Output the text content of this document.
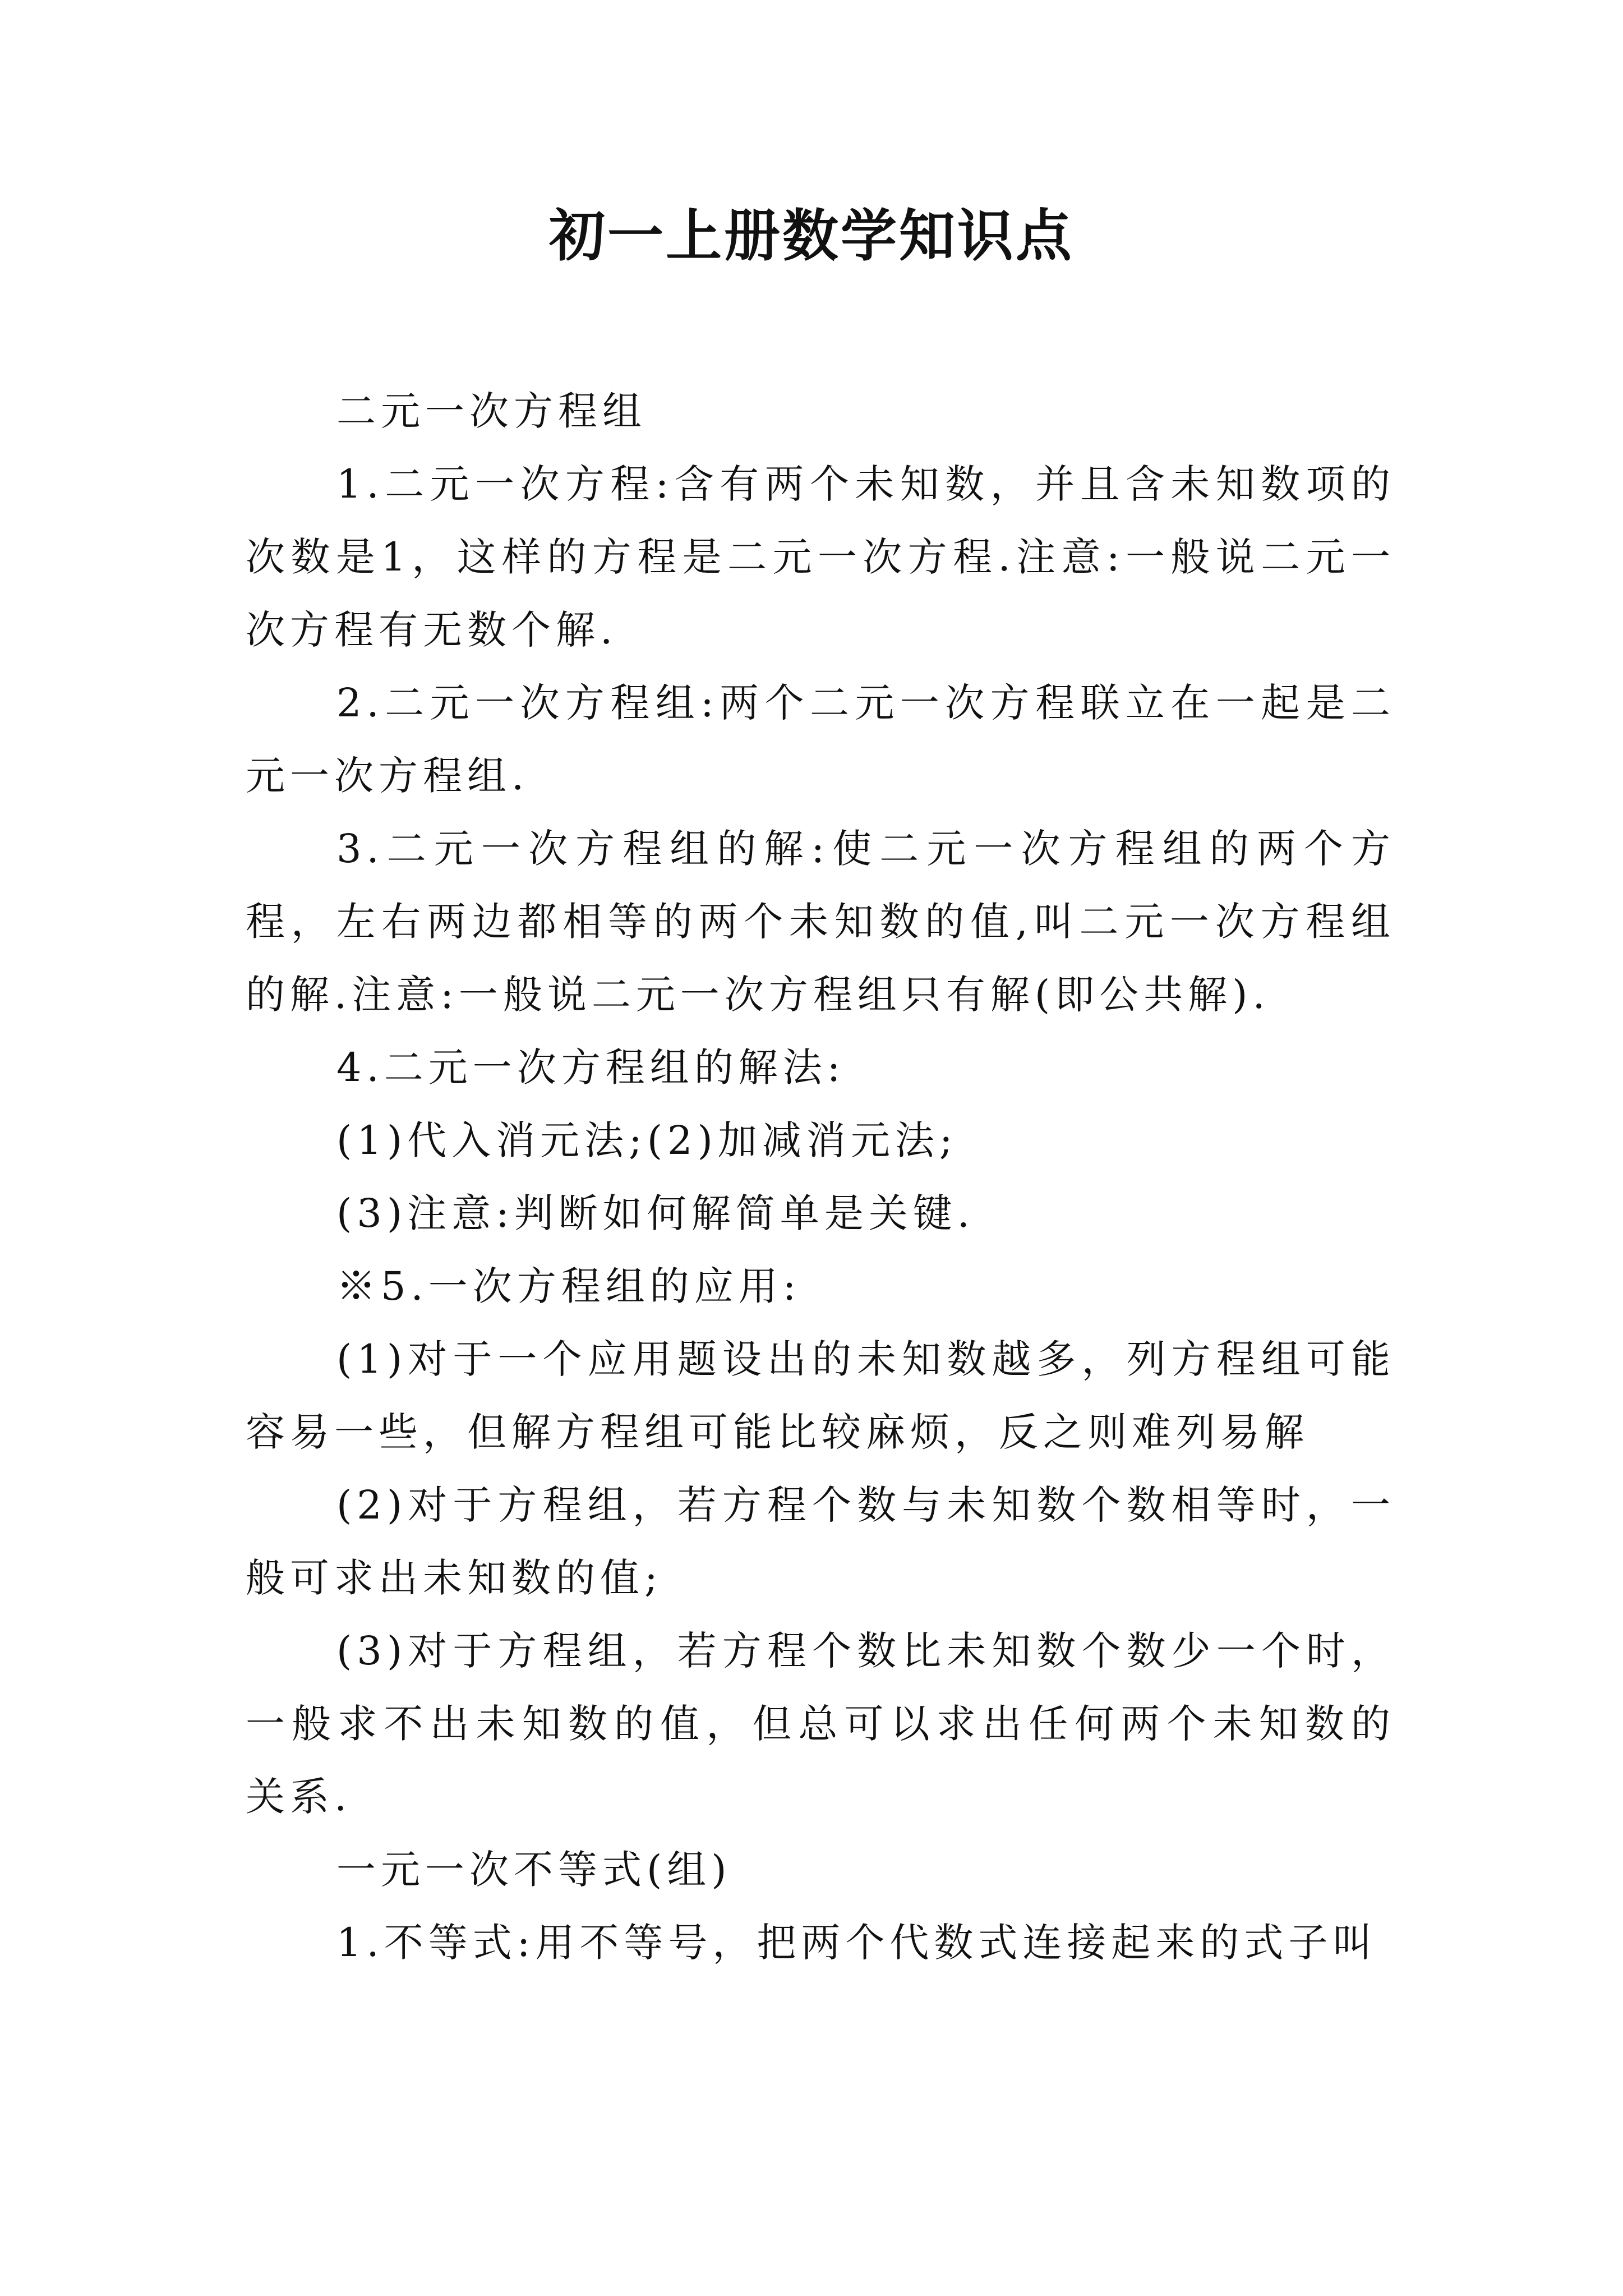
初一上册数学知识点

二元一次方程组

1.二元一次方程:含有两个未知数，并且含未知数项的次数是1，这样的方程是二元一次方程.注意:一般说二元一次方程有无数个解.

2.二元一次方程组:两个二元一次方程联立在一起是二元一次方程组.

3.二元一次方程组的解:使二元一次方程组的两个方程，左右两边都相等的两个未知数的值,叫二元一次方程组的解.注意:一般说二元一次方程组只有解(即公共解).

4.二元一次方程组的解法:

(1)代入消元法;(2)加减消元法;

(3)注意:判断如何解简单是关键.

※5.一次方程组的应用:

(1)对于一个应用题设出的未知数越多，列方程组可能容易一些，但解方程组可能比较麻烦，反之则难列易解

(2)对于方程组，若方程个数与未知数个数相等时，一般可求出未知数的值;

(3)对于方程组，若方程个数比未知数个数少一个时，一般求不出未知数的值，但总可以求出任何两个未知数的关系.

一元一次不等式(组)

1.不等式:用不等号，把两个代数式连接起来的式子叫
